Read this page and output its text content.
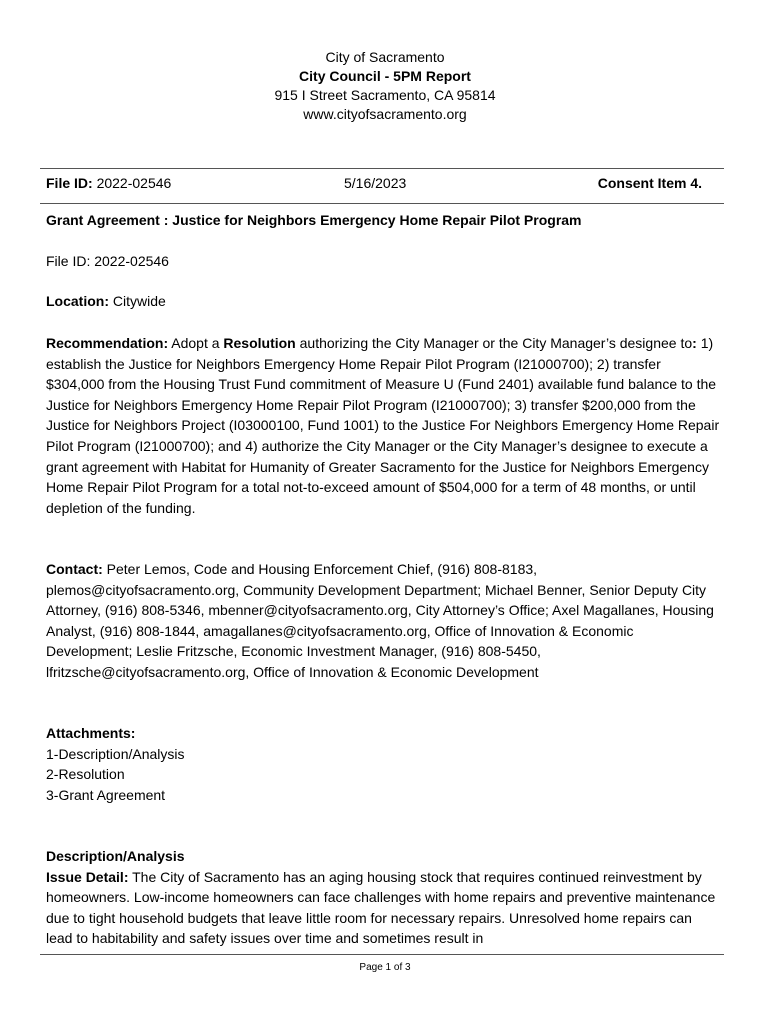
City of Sacramento
City Council - 5PM Report
915 I Street Sacramento, CA 95814
www.cityofsacramento.org
File ID: 2022-02546	5/16/2023	Consent Item 4.
Grant Agreement : Justice for Neighbors Emergency Home Repair Pilot Program
File ID: 2022-02546
Location: Citywide

Recommendation: Adopt a Resolution authorizing the City Manager or the City Manager’s designee to: 1) establish the Justice for Neighbors Emergency Home Repair Pilot Program (I21000700); 2) transfer $304,000 from the Housing Trust Fund commitment of Measure U (Fund 2401) available fund balance to the Justice for Neighbors Emergency Home Repair Pilot Program (I21000700); 3) transfer $200,000 from the Justice for Neighbors Project (I03000100, Fund 1001) to the Justice For Neighbors Emergency Home Repair Pilot Program (I21000700); and 4) authorize the City Manager or the City Manager’s designee to execute a grant agreement with Habitat for Humanity of Greater Sacramento for the Justice for Neighbors Emergency Home Repair Pilot Program for a total not-to-exceed amount of $504,000 for a term of 48 months, or until depletion of the funding.

Contact: Peter Lemos, Code and Housing Enforcement Chief, (916) 808-8183, plemos@cityofsacramento.org, Community Development Department; Michael Benner, Senior Deputy City Attorney, (916) 808-5346, mbenner@cityofsacramento.org, City Attorney’s Office; Axel Magallanes, Housing Analyst, (916) 808-1844, amagallanes@cityofsacramento.org, Office of Innovation & Economic Development; Leslie Fritzsche, Economic Investment Manager, (916) 808-5450, lfritzsche@cityofsacramento.org, Office of Innovation & Economic Development

Attachments:
1-Description/Analysis
2-Resolution
3-Grant Agreement
Description/Analysis

Issue Detail: The City of Sacramento has an aging housing stock that requires continued reinvestment by homeowners. Low-income homeowners can face challenges with home repairs and preventive maintenance due to tight household budgets that leave little room for necessary repairs. Unresolved home repairs can lead to habitability and safety issues over time and sometimes result in

Page 1 of 3
